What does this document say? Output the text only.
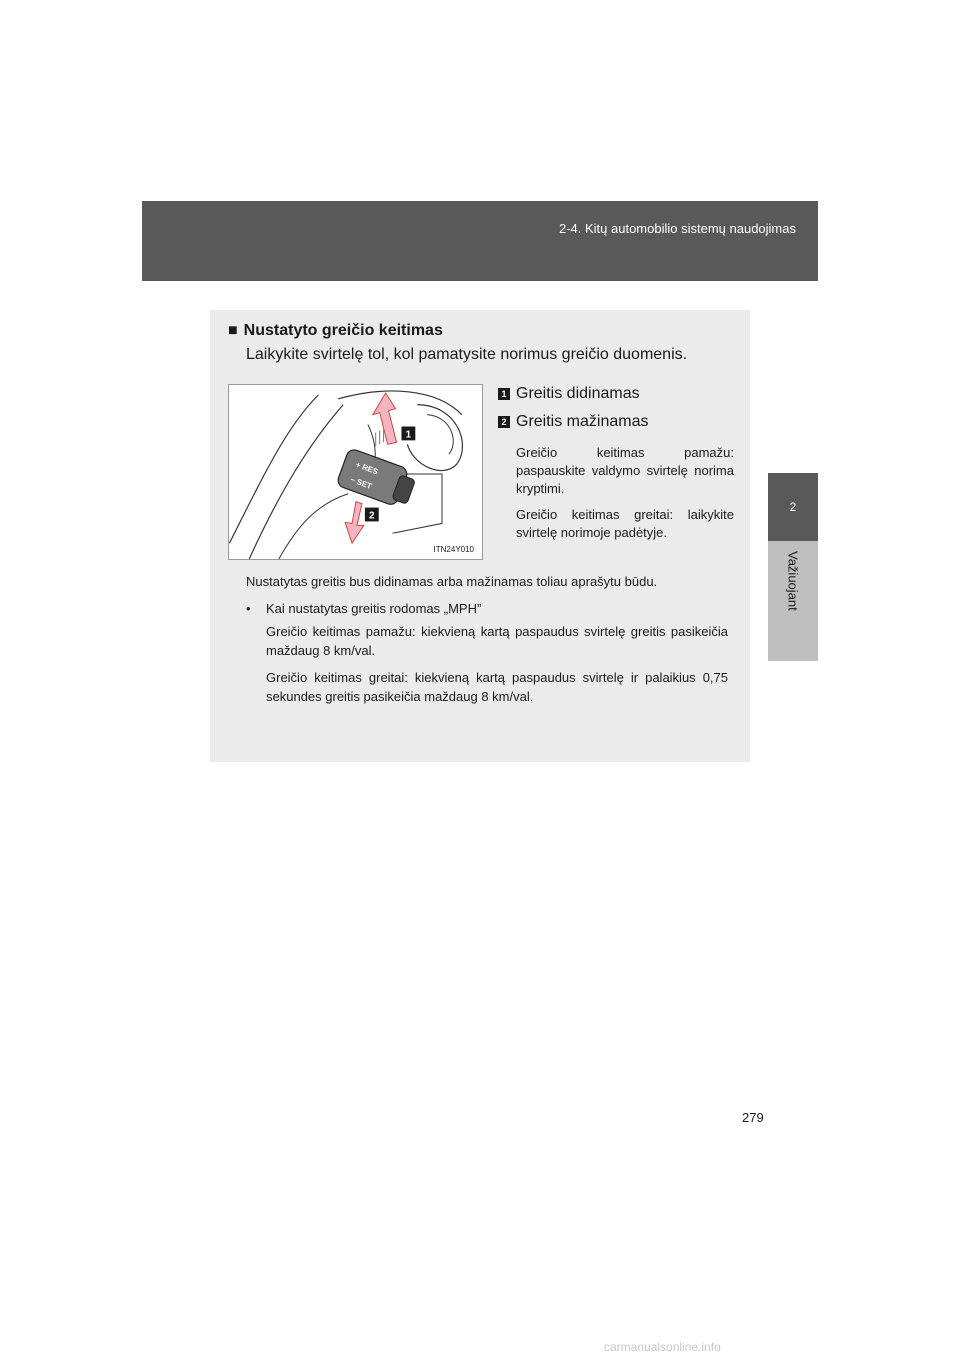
2-4. Kitų automobilio sistemų naudojimas
2
Važiuojant
■ Nustatyto greičio keitimas
Laikykite svirtelę tol, kol pamatysite norimus greičio duomenis.
+ RES
− SET
1
2
ITN24Y010
1 Greitis didinamas
2 Greitis mažinamas
Greičio keitimas pamažu: paspauskite valdymo svirtelę norima kryptimi.
Greičio keitimas greitai: laikykite svirtelę norimoje padėtyje.

Nustatytas greitis bus didinamas arba mažinamas toliau aprašytu būdu.

•	Kai nustatytas greitis rodomas „MPH”
Greičio keitimas pamažu: kiekvieną kartą paspaudus svirtelę greitis pasikeičia maždaug 8 km/val.
Greičio keitimas greitai: kiekvieną kartą paspaudus svirtelę ir palaikius 0,75 sekundes greitis pasikeičia maždaug 8 km/val.
279
carmanualsonline.info
